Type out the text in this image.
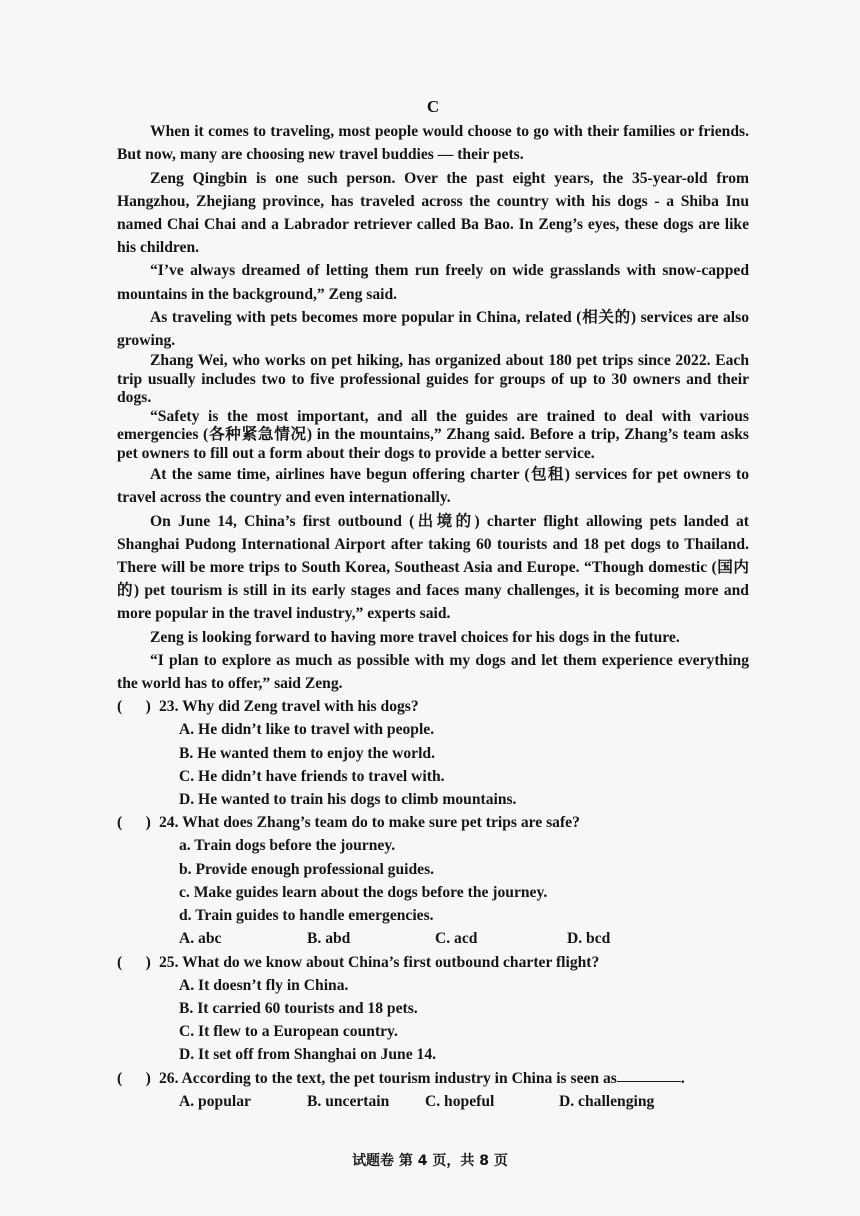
C

When it comes to traveling, most people would choose to go with their families or friends. But now, many are choosing new travel buddies — their pets.

Zeng Qingbin is one such person. Over the past eight years, the 35-year-old from Hangzhou, Zhejiang province, has traveled across the country with his dogs - a Shiba Inu named Chai Chai and a Labrador retriever called Ba Bao. In Zeng’s eyes, these dogs are like his children.

“I’ve always dreamed of letting them run freely on wide grasslands with snow-capped mountains in the background,” Zeng said.

As traveling with pets becomes more popular in China, related (相关的) services are also growing.

Zhang Wei, who works on pet hiking, has organized about 180 pet trips since 2022. Each trip usually includes two to five professional guides for groups of up to 30 owners and their dogs.

“Safety is the most important, and all the guides are trained to deal with various emergencies (各种紧急情况) in the mountains,” Zhang said. Before a trip, Zhang’s team asks pet owners to fill out a form about their dogs to provide a better service.

At the same time, airlines have begun offering charter (包租) services for pet owners to travel across the country and even internationally.

On June 14, China’s first outbound (出境的) charter flight allowing pets landed at Shanghai Pudong International Airport after taking 60 tourists and 18 pet dogs to Thailand. There will be more trips to South Korea, Southeast Asia and Europe. “Though domestic (国内的) pet tourism is still in its early stages and faces many challenges, it is becoming more and more popular in the travel industry,” experts said.

Zeng is looking forward to having more travel choices for his dogs in the future.

“I plan to explore as much as possible with my dogs and let them experience everything the world has to offer,” said Zeng.

(      ) 23. Why did Zeng travel with his dogs?
A. He didn’t like to travel with people.
B. He wanted them to enjoy the world.
C. He didn’t have friends to travel with.
D. He wanted to train his dogs to climb mountains.
(      ) 24. What does Zhang’s team do to make sure pet trips are safe?
a. Train dogs before the journey.
b. Provide enough professional guides.
c. Make guides learn about the dogs before the journey.
d. Train guides to handle emergencies.
A. abc	B. abd	C. acd	D. bcd
(      ) 25. What do we know about China’s first outbound charter flight?
A. It doesn’t fly in China.
B. It carried 60 tourists and 18 pets.
C. It flew to a European country.
D. It set off from Shanghai on June 14.
(      ) 26. According to the text, the pet tourism industry in China is seen as	.
A. popular	B. uncertain	C. hopeful	D. challenging
试题卷 第 4 页，共 8 页
